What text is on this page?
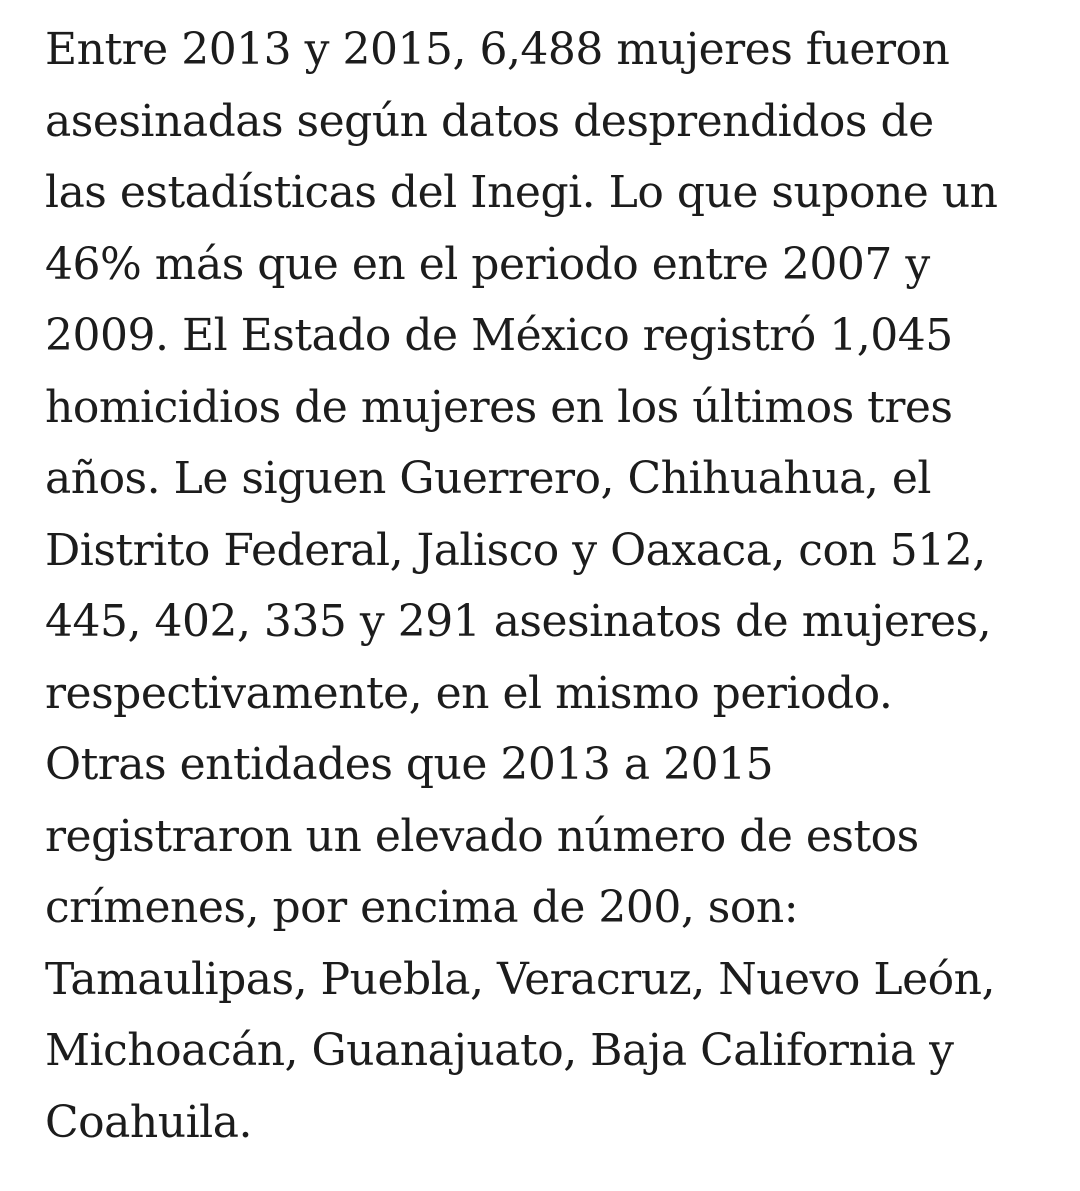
Entre 2013 y 2015, 6,488 mujeres fueron
asesinadas según datos desprendidos de
las estadísticas del Inegi. Lo que supone un
46% más que en el periodo entre 2007 y
2009. El Estado de México registró 1,045
homicidios de mujeres en los últimos tres
años. Le siguen Guerrero, Chihuahua, el
Distrito Federal, Jalisco y Oaxaca, con 512,
445, 402, 335 y 291 asesinatos de mujeres,
respectivamente, en el mismo periodo.
Otras entidades que 2013 a 2015
registraron un elevado número de estos
crímenes, por encima de 200, son:
Tamaulipas, Puebla, Veracruz, Nuevo León,
Michoacán, Guanajuato, Baja California y
Coahuila.
